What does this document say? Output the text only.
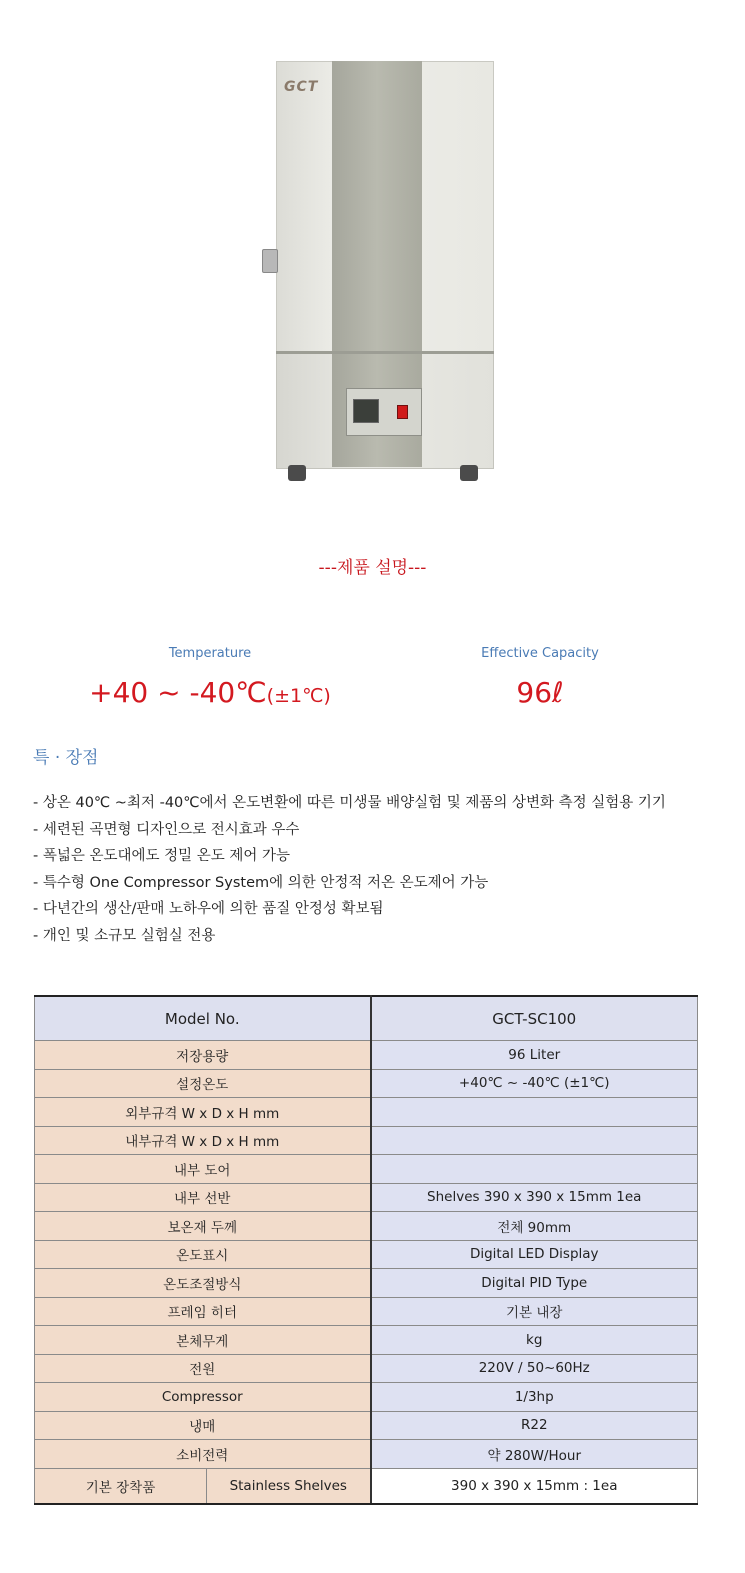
GCT
---제품 설명---
Temperature	Effective Capacity
+40 ~ -40℃(±1℃)	96ℓ
특 · 장점
- 상온 40℃ ~최저 -40℃에서 온도변환에 따른 미생물 배양실험 및 제품의 상변화 측정 실험용 기기
- 세련된 곡면형 디자인으로 전시효과 우수
- 폭넓은 온도대에도 정밀 온도 제어 가능
- 특수형 One Compressor System에 의한 안정적 저온 온도제어 가능
- 다년간의 생산/판매 노하우에 의한 품질 안정성 확보됨
- 개인 및 소규모 실험실 전용
Model No.		GCT-SC100
저장용량		96 Liter
설정온도		+40℃ ~ -40℃ (±1℃)
외부규격 W x D x H mm		
내부규격 W x D x H mm		
내부 도어		
내부 선반		Shelves 390 x 390 x 15mm 1ea
보온재 두께		전체 90mm
온도표시		Digital LED Display
온도조절방식		Digital PID Type
프레임 히터		기본 내장
본체무게		kg
전원		220V / 50~60Hz
Compressor		1/3hp
냉매		R22
소비전력		약 280W/Hour
기본 장착품	Stainless Shelves	390 x 390 x 15mm : 1ea
